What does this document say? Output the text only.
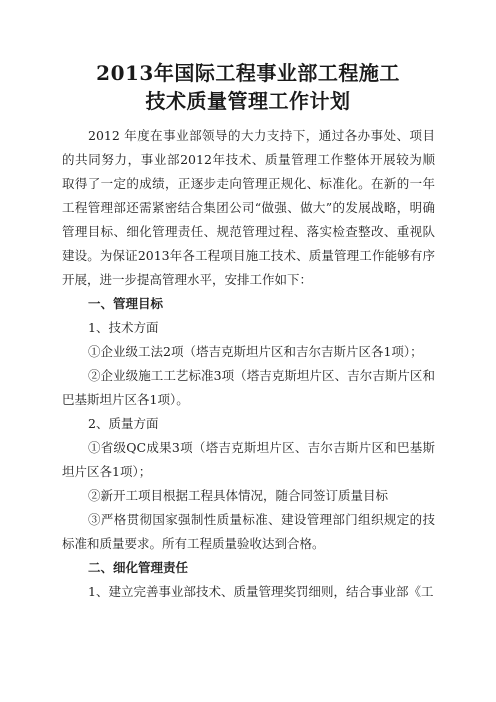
2013年国际工程事业部工程施工
技术质量管理工作计划
2012 年度在事业部领导的大力支持下，通过各办事处、项目
的共同努力，事业部2012年技术、质量管理工作整体开展较为顺
取得了一定的成绩，正逐步走向管理正规化、标准化。在新的一年
工程管理部还需紧密结合集团公司“做强、做大”的发展战略，明确
管理目标、细化管理责任、规范管理过程、落实检查整改、重视队
建设。为保证2013年各工程项目施工技术、质量管理工作能够有序
开展，进一步提高管理水平，安排工作如下：
一、管理目标
1、技术方面
①企业级工法2项（塔吉克斯坦片区和吉尔吉斯片区各1项）；
②企业级施工工艺标准3项（塔吉克斯坦片区、吉尔吉斯片区和
巴基斯坦片区各1项）。
2、质量方面
①省级QC成果3项（塔吉克斯坦片区、吉尔吉斯片区和巴基斯
坦片区各1项）；
②新开工项目根据工程具体情况，随合同签订质量目标
③严格贯彻国家强制性质量标准、建设管理部门组织规定的技
标准和质量要求。所有工程质量验收达到合格。
二、细化管理责任
1、建立完善事业部技术、质量管理奖罚细则，结合事业部《工
